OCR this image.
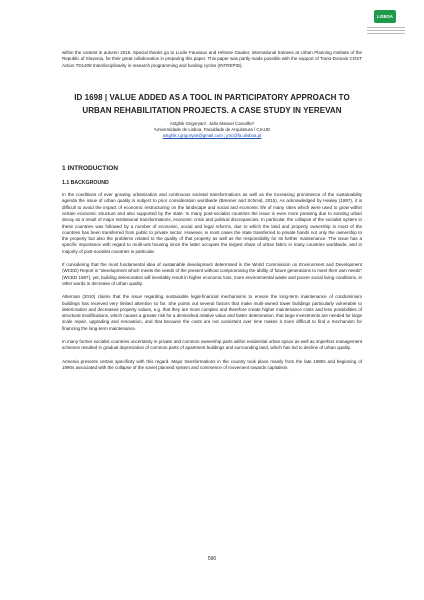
LISBOA

within the contest in autumn 2016. Special thanks go to Lucile Fauviaux and Héloïse Gautier, international trainees at Urban Planning Institute of the Republic of Slovenia, for their great collaboration in preparing this paper. This paper was partly made possible with the support of Trans-Domain COST Action TD1408 Interdisciplinarity in research programming and funding cycles (INTREPID).

ID 1698 | VALUE ADDED AS A TOOL IN PARTICIPATORY APPROACH TO
URBAN REHABILITATION PROJECTS. A CASE STUDY IN YEREVAN
Astghik Grigoryan¹, João Manuel Carvalho¹
¹Universidade de Lisboa, Faculdade de Arquitetura / CIAUD
astghik.l.grigoryan@gmail.com ; jmc@fa.ulisboa.pt
1 INTRODUCTION
1.1 BACKGROUND

In the conditions of ever growing urbanization and continuous societal transformations as well as the increasing prominence of the sustainability agenda the issue of urban quality is subject to prior consideration worldwide (Brenner and Schmid, 2015). As acknowledged by Healey (1997), it is difficult to avoid the impact of economic restructuring on the landscape and social and economic life of many cities which were used to grow within certain economic structure and also supported by the state. In many post-socialist countries the issue is even more pressing due to existing urban decay as a result of major institutional transformations, economic crisis and political discrepancies. In particular, the collapse of the socialist system in these countries was followed by a number of economic, social and legal reforms, due to which the land and property ownership in most of the countries has been transferred from public to private sector. However, in most cases the state transferred to private hands not only the ownership to the property but also the problems related to the quality of that property as well as the responsibility for its further maintenance. The issue has a specific importance with regard to multi-unit housing since the latter occupies the largest share of urban fabric in many countries worldwide, and in majority of post-socialist countries in particular.

If considering that the most fundamental idea of sustainable development determined in the World Commission on Environment and Development (WCED) Report is "development which meets the needs of the present without compromising the ability of future generations to meet their own needs" (WCED 1987), yet, building deterioration will inevitably result in higher economic loss, more environmental waste and poorer social living conditions, in other words in decrease of urban quality.

Alterman (2010) claims that the issue regarding sustainable legal-financial mechanisms to ensure the long-term maintenance of condominium buildings has received very limited attention so far. She points out several factors that make multi-owned tower buildings particularly vulnerable to deterioration and decreased property values, e.g. that they are more complex and therefore create higher maintenance costs and less possibilities of structural modifications, which causes a greater risk for a diminished relative value and faster deterioration, that large investments are needed for large scale repair, upgrading and renovation, and that because the costs are not consistent over time makes it more difficult to find a mechanism for financing the long-term maintenance.

In many former socialist countries uncertainty in private and common ownership parts within residential urban space as well as imperfect management schemes resulted in gradual depreciation of common parts of apartment buildings and surrounding land, which has led to decline of urban quality.

Armenia presents certain specificity with this regard. Major transformations in the country took place mainly from the late 1980s and beginning of 1990s associated with the collapse of the soviet planned system and commence of movement towards capitalism.

590
